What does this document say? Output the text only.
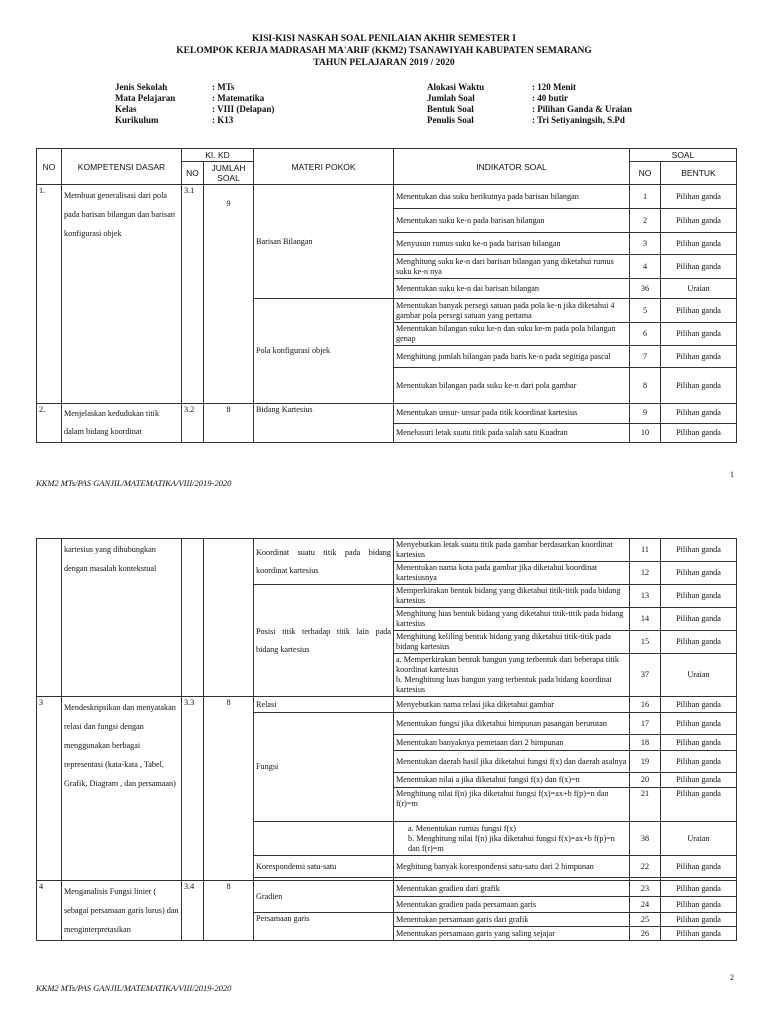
KISI-KISI NASKAH SOAL PENILAIAN AKHIR SEMESTER I
KELOMPOK KERJA MADRASAH MA'ARIF (KKM2) TSANAWIYAH KABUPATEN SEMARANG
TAHUN PELAJARAN 2019 / 2020
Jenis Sekolah	: MTs
Mata Pelajaran	: Matematika
Kelas	: VIII (Delapan)
Kurikulum	: K13
Alokasi Waktu	: 120 Menit
Jumlah Soal	: 40 butir
Bentuk Soal	: Pilihan Ganda & Uraian
Penulis Soal	: Tri Setiyaningsih, S.Pd
NO	KOMPETENSI DASAR	KI. KD		MATERI POKOK	INDIKATOR SOAL	SOAL	
		NO	JUMLAH SOAL			NO	BENTUK
1.	Membuat generalisasi dari pola pada barisan bilangan dan barisan konfigurasi objek	3.1	9	Barisan Bilangan	Menentukan dua suku berikutnya pada barisan bilangan	1	Pilihan ganda
					Menentukan suku ke-n pada barisan bilangan	2	Pilihan ganda
					Menyusun rumus suku ke-n pada barisan bilangan	3	Pilihan ganda
					Menghitung suku ke-n dari barisan bilangan yang diketahui rumus suku ke-n nya	4	Pilihan ganda
					Menentukan suku ke-n dai barisan bilangan	36	Uraian
				Pola konfigurasi objek	Menentukan banyak persegi satuan pada pola ke-n jika diketahui 4 gambar pola persegi satuan yang pertama	5	Pilihan ganda
					Menentukan bilangan suku ke-n dan suku ke-m pada pola bilangan genap	6	Pilihan ganda
					Menghitung jumlah bilangan pada baris ke-n pada segitiga pascal	7	Pilihan ganda
					Menentukan bilangan pada suku ke-n dari pola gambar	8	Pilihan ganda
2.	Menjelaskan kedudukan titik dalam bidang koordinat	3.2	8	Bidang Kartesius	Menentukan unsur- unsur pada titik koordinat kartesius	9	Pilihan ganda
					Menelusuri letak suatu titik pada salah satu Kuadran	10	Pilihan ganda
KKM2 MTs/PAS GANJIL/MATEMATIKA/VIII/2019-2020
1
	kartesius yang dihubungkan dengan masalah kontekstual			Koordinat suatu titik pada bidang koordinat kartesius	Menyebutkan letak suatu titik pada gambar berdasarkan koordinat kartesius	11	Pilihan ganda
					Menentukan nama kota pada gambar jika diketahui koordinat kartesiusnya	12	Pilihan ganda
				Posisi titik terhadap titik lain pada bidang kartesius	Memperkirakan bentuk bidang yang diketahui titik-titik pada bidang kartesius	13	Pilihan ganda
					Menghitung luas bentuk bidang yang diketahui titik-titik pada bidang kartesius	14	Pilihan ganda
					Menghitung keliling bentuk bidang yang diketahui titik-titik pada bidang kartesius	15	Pilihan ganda

					a. Memperkirakan bentuk bangun yang terbentuk dari beberapa titik koordinat kartesius
b. Menghitung luas bangun yang terbentuk pada bidang koordinat kartesius	37	Uraian
3	Mendeskripsikan dan menyatakan relasi dan fungsi dengan menggunakan berbagai representasi (kata-kata , Tabel, Grafik, Diagram , dan persamaan)	3.3	8	Relasi	Menyebutkan nama relasi jika diketahui gambar	16	Pilihan ganda
				Fungsi	Menentukan fungsi jika diketahui himpunan pasangan berurutan	17	Pilihan ganda
					Menentukan banyaknya pemetaan dari 2 himpunan	18	Pilihan ganda
					Menentukan daerah hasil jika diketahui fungsi f(x) dan daerah asalnya	19	Pilihan ganda
					Menentukan nilai a jika diketahui fungsi f(x) dan f(x)=n	20	Pilihan ganda
					Menghitung nilai f(n) jika diketahui fungsi f(x)=ax+b f(p)=n dan f(r)=m	21	Pilihan ganda

					a. Menentukan rumus fungsi f(x)
b. Menghitung nilai f(n) jika diketahui fungsi f(x)=ax+b f(p)=n dan f(r)=m	38	Uraian
				Korespondensi satu-satu	Meghitung banyak korespondensi satu-satu dari 2 himpunan	22	Pilihan ganda

4	Menganalisis Fungsi linier ( sebagai persamaan garis lurus) dan menginterpretasikan	3.4	8	Gradien	Menentukan gradien dari grafik	23	Pilihan ganda
					Menentukan gradien pada persamaan garis	24	Pilihan ganda
				Persamaan garis	Menentukan persamaan garis dari grafik	25	Pilihan ganda
					Menentukan persamaan garis yang saling sejajar	26	Pilihan ganda
KKM2 MTs/PAS GANJIL/MATEMATIKA/VIII/2019-2020
2
